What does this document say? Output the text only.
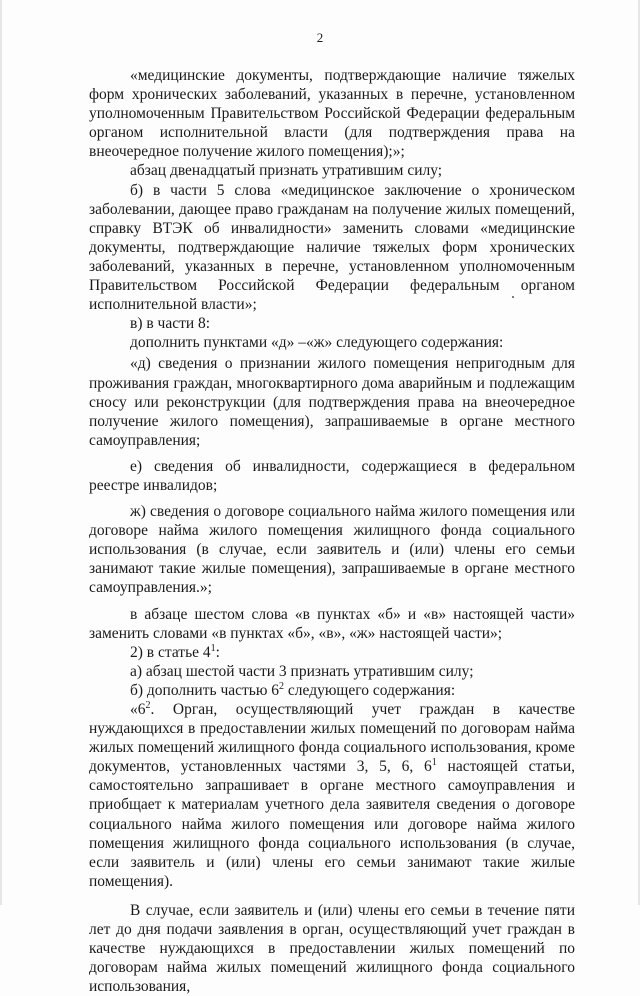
2

«медицинские документы, подтверждающие наличие тяжелых форм хронических заболеваний, указанных в перечне, установленном уполномоченным Правительством Российской Федерации федеральным органом исполнительной власти (для подтверждения права на внеочередное получение жилого помещения);»;

абзац двенадцатый признать утратившим силу;

б) в части 5 слова «медицинское заключение о хроническом заболевании, дающее право гражданам на получение жилых помещений, справку ВТЭК об инвалидности» заменить словами «медицинские документы, подтверждающие наличие тяжелых форм хронических заболеваний, указанных в перечне, установленном уполномоченным Правительством Российской Федерации федеральным органом исполнительной власти»;

в) в части 8:

дополнить пунктами «д» –«ж» следующего содержания:

«д) сведения о признании жилого помещения непригодным для проживания граждан, многоквартирного дома аварийным и подлежащим сносу или реконструкции (для подтверждения права на внеочередное получение жилого помещения), запрашиваемые в органе местного самоуправления;

е) сведения об инвалидности, содержащиеся в федеральном реестре инвалидов;

ж) сведения о договоре социального найма жилого помещения или договоре найма жилого помещения жилищного фонда социального использования (в случае, если заявитель и (или) члены его семьи занимают такие жилые помещения), запрашиваемые в органе местного самоуправления.»;

в абзаце шестом слова «в пунктах «б» и «в» настоящей части» заменить словами «в пунктах «б», «в», «ж» настоящей части»;

2) в статье $4^1$:

а) абзац шестой части 3 признать утратившим силу;

б) дополнить частью $6^2$ следующего содержания:

«$6^2$. Орган, осуществляющий учет граждан в качестве нуждающихся в предоставлении жилых помещений по договорам найма жилых помещений жилищного фонда социального использования, кроме документов, установленных частями 3, 5, 6, $6^1$ настоящей статьи, самостоятельно запрашивает в органе местного самоуправления и приобщает к материалам учетного дела заявителя сведения о договоре социального найма жилого помещения или договоре найма жилого помещения жилищного фонда социального использования (в случае, если заявитель и (или) члены его семьи занимают такие жилые помещения).

В случае, если заявитель и (или) члены его семьи в течение пяти лет до дня подачи заявления в орган, осуществляющий учет граждан в качестве нуждающихся в предоставлении жилых помещений по договорам найма жилых помещений жилищного фонда социального использования,
